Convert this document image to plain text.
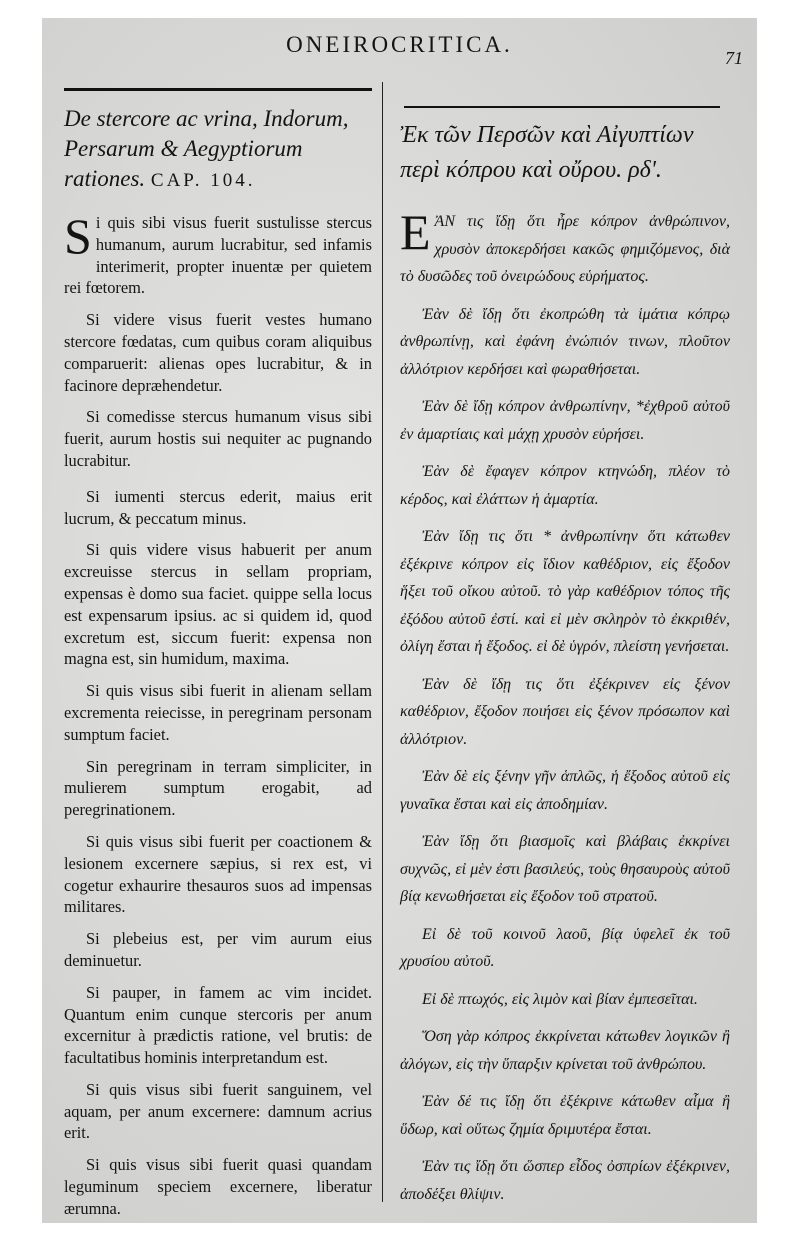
ONEIROCRITICA.
71
De stercore ac vrina, Indorum, Persarum & Aegyptiorum rationes. CAP. 104.

Si quis sibi visus fuerit sustulisse stercus humanum, aurum lucrabitur, sed infamis interimerit, propter inuentæ per quietem rei fœtorem.

Si videre visus fuerit vestes humano stercore fœdatas, cum quibus coram aliquibus comparuerit: alienas opes lucrabitur, & in facinore depræhendetur.

Si comedisse stercus humanum visus sibi fuerit, aurum hostis sui nequiter ac pugnando lucrabitur.

Si iumenti stercus ederit, maius erit lucrum, & peccatum minus.

Si quis videre visus habuerit per anum excreuisse stercus in sellam propriam, expensas è domo sua faciet. quippe sella locus est expensarum ipsius. ac si quidem id, quod excretum est, siccum fuerit: expensa non magna est, sin humidum, maxima.

Si quis visus sibi fuerit in alienam sellam excrementa reiecisse, in peregrinam personam sumptum faciet.

Sin peregrinam in terram simpliciter, in mulierem sumptum erogabit, ad peregrinationem.

Si quis visus sibi fuerit per coactionem & lesionem excernere sæpius, si rex est, vi cogetur exhaurire thesauros suos ad impensas militares.

Si plebeius est, per vim aurum eius deminuetur.

Si pauper, in famem ac vim incidet. Quantum enim cunque stercoris per anum excernitur à prædictis ratione, vel brutis: de facultatibus hominis interpretandum est.

Si quis visus sibi fuerit sanguinem, vel aquam, per anum excernere: damnum acrius erit.

Si quis visus sibi fuerit quasi quandam leguminum speciem excernere, liberatur ærumna.

Ἐκ τῶν Περσῶν καὶ Αἰγυπτίων περὶ κόπρου καὶ οὔρου. ρδ'.

ΕἈΝ τις ἴδῃ ὅτι ἦρε κόπρον ἀνθρώπινον, χρυσὸν ἀποκερδήσει κακῶς φημιζόμενος, διὰ τὸ δυσῶδες τοῦ ὀνειρώδους εὑρήματος.

Ἐὰν δὲ ἴδῃ ὅτι ἐκοπρώθη τὰ ἱμάτια κόπρῳ ἀνθρωπίνῃ, καὶ ἐφάνη ἐνώπιόν τινων, πλοῦτον ἀλλότριον κερδήσει καὶ φωραθήσεται.

Ἐὰν δὲ ἴδῃ κόπρον ἀνθρωπίνην, *ἐχθροῦ αὐτοῦ ἐν ἁμαρτίαις καὶ μάχῃ χρυσὸν εὑρήσει.

Ἐὰν δὲ ἔφαγεν κόπρον κτηνώδη, πλέον τὸ κέρδος, καὶ ἐλάττων ἡ ἁμαρτία.

Ἐὰν ἴδῃ τις ὅτι * ἀνθρωπίνην ὅτι κάτωθεν ἐξέκρινε κόπρον εἰς ἴδιον καθέδριον, εἰς ἔξοδον ἥξει τοῦ οἴκου αὐτοῦ. τὸ γὰρ καθέδριον τόπος τῆς ἐξόδου αὐτοῦ ἐστί. καὶ εἰ μὲν σκληρὸν τὸ ἐκκριθέν, ὀλίγη ἔσται ἡ ἔξοδος. εἰ δὲ ὑγρόν, πλείστη γενήσεται.

Ἐὰν δὲ ἴδῃ τις ὅτι ἐξέκρινεν εἰς ξένον καθέδριον, ἔξοδον ποιήσει εἰς ξένον πρόσωπον καὶ ἀλλότριον.

Ἐὰν δὲ εἰς ξένην γῆν ἁπλῶς, ἡ ἔξοδος αὐτοῦ εἰς γυναῖκα ἔσται καὶ εἰς ἀποδημίαν.

Ἐὰν ἴδῃ ὅτι βιασμοῖς καὶ βλάβαις ἐκκρίνει συχνῶς, εἰ μὲν ἐστι βασιλεύς, τοὺς θησαυροὺς αὐτοῦ βίᾳ κενωθήσεται εἰς ἔξοδον τοῦ στρατοῦ.

Εἰ δὲ τοῦ κοινοῦ λαοῦ, βίᾳ ὑφελεῖ ἐκ τοῦ χρυσίου αὐτοῦ.

Εἰ δὲ πτωχός, εἰς λιμὸν καὶ βίαν ἐμπεσεῖται.

Ὅση γὰρ κόπρος ἐκκρίνεται κάτωθεν λογικῶν ἢ ἀλόγων, εἰς τὴν ὕπαρξιν κρίνεται τοῦ ἀνθρώπου.

Ἐὰν δέ τις ἴδῃ ὅτι ἐξέκρινε κάτωθεν αἷμα ἢ ὕδωρ, καὶ οὕτως ζημία δριμυτέρα ἔσται.

Ἐὰν τις ἴδῃ ὅτι ὥσπερ εἶδος ὀσπρίων ἐξέκρινεν, ἀποδέξει θλίψιν.
